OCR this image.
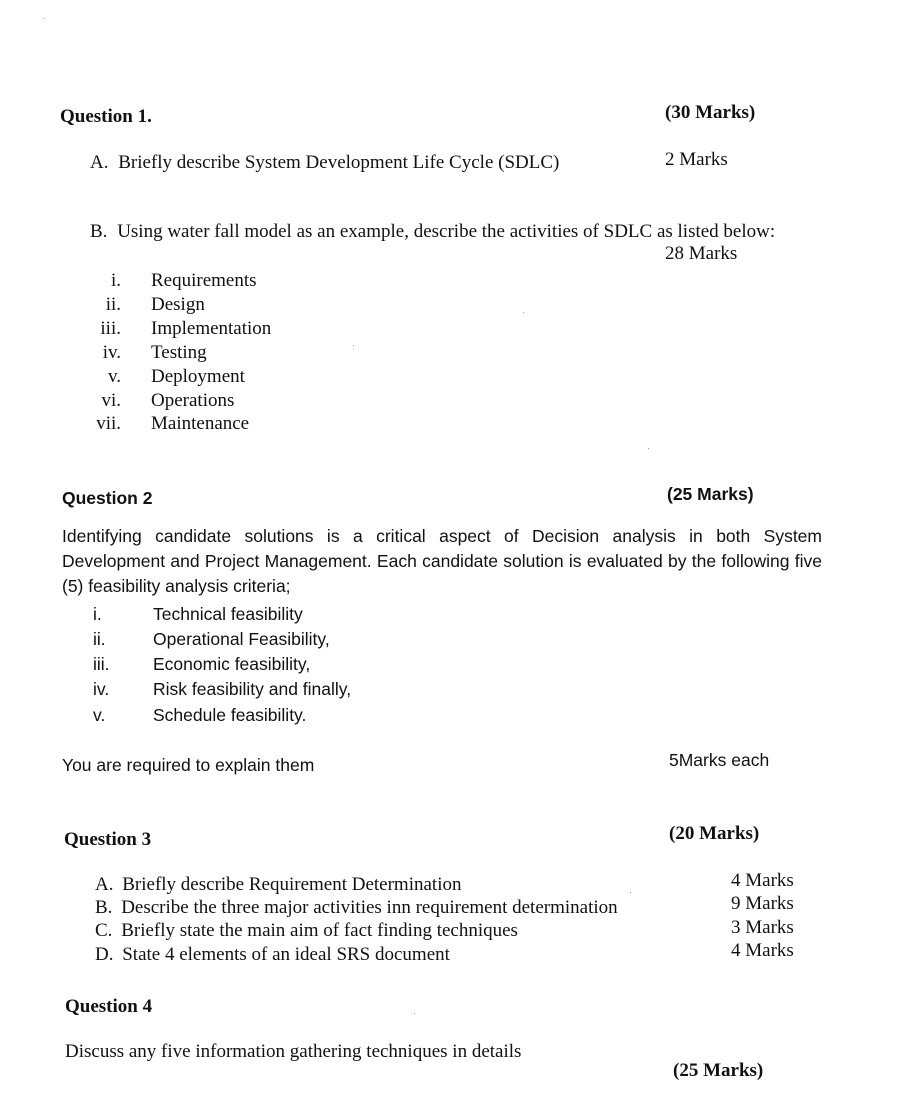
Question 1.	(30 Marks)
A. Briefly describe System Development Life Cycle (SDLC)	2 Marks
B. Using water fall model as an example, describe the activities of SDLC as listed below:
28 Marks
i. Requirements
ii. Design
iii. Implementation
iv. Testing
v. Deployment
vi. Operations
vii. Maintenance
Question 2	(25 Marks)
Identifying candidate solutions is a critical aspect of Decision analysis in both System Development and Project Management. Each candidate solution is evaluated by the following five (5) feasibility analysis criteria;
i.	Technical feasibility
ii.	Operational Feasibility,
iii. Economic feasibility,
iv.	Risk feasibility and finally,
v.	Schedule feasibility.
You are required to explain them	5Marks each
Question 3	(20 Marks)
A. Briefly describe Requirement Determination	4 Marks
B. Describe the three major activities inn requirement determination	9 Marks
C. Briefly state the main aim of fact finding techniques	3 Marks
D. State 4 elements of an ideal SRS document	4 Marks
Question 4
Discuss any five information gathering techniques in details
(25 Marks)
